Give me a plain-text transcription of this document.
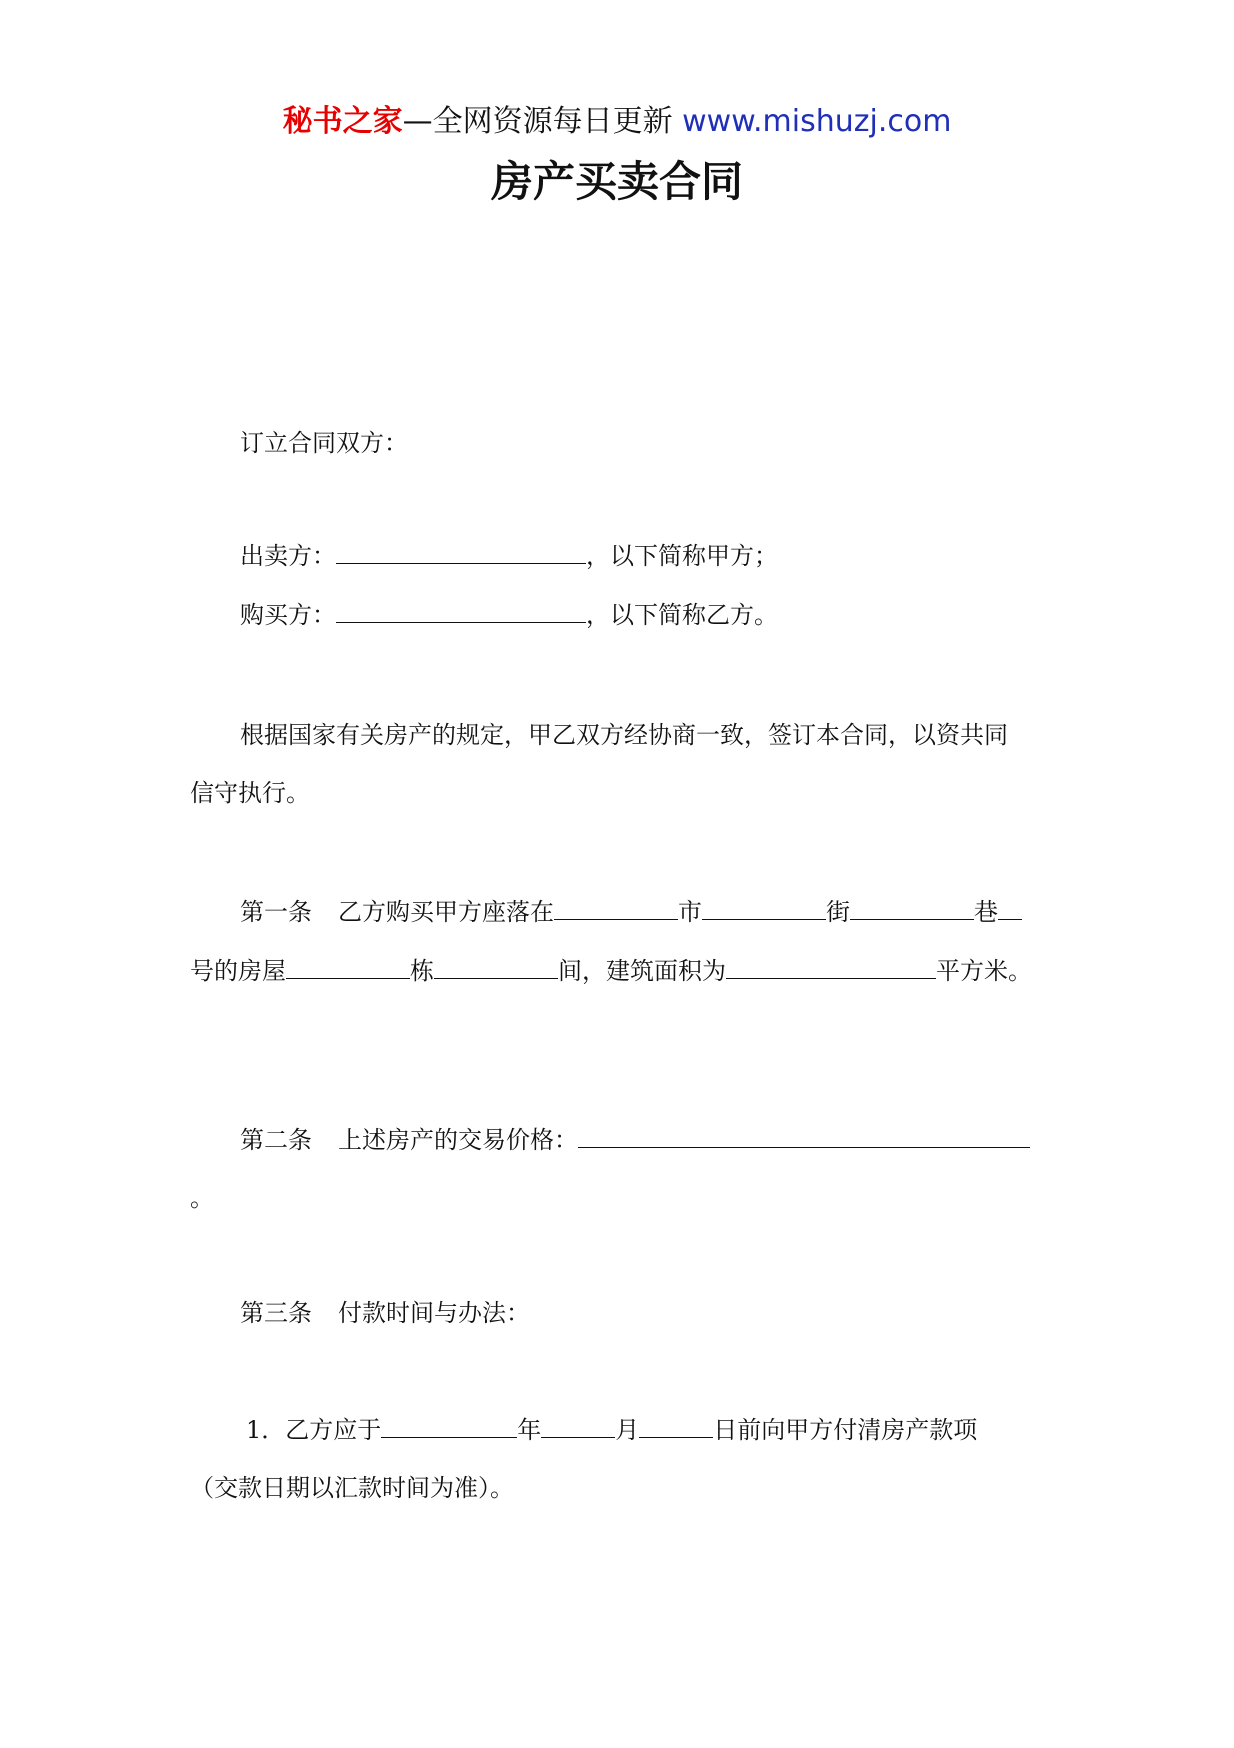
秘书之家—全网资源每日更新 www.mishuzj.com
房产买卖合同
订立合同双方：
出卖方：	，以下简称甲方；
购买方：	，以下简称乙方。
根据国家有关房产的规定，甲乙双方经协商一致，签订本合同，以资共同
信守执行。
第一条 乙方购买甲方座落在	市	街	巷
号的房屋	栋	间，建筑面积为	平方米。
第二条 上述房产的交易价格：
。
第三条 付款时间与办法：
1．乙方应于	年	月	日前向甲方付清房产款项
（交款日期以汇款时间为准）。
